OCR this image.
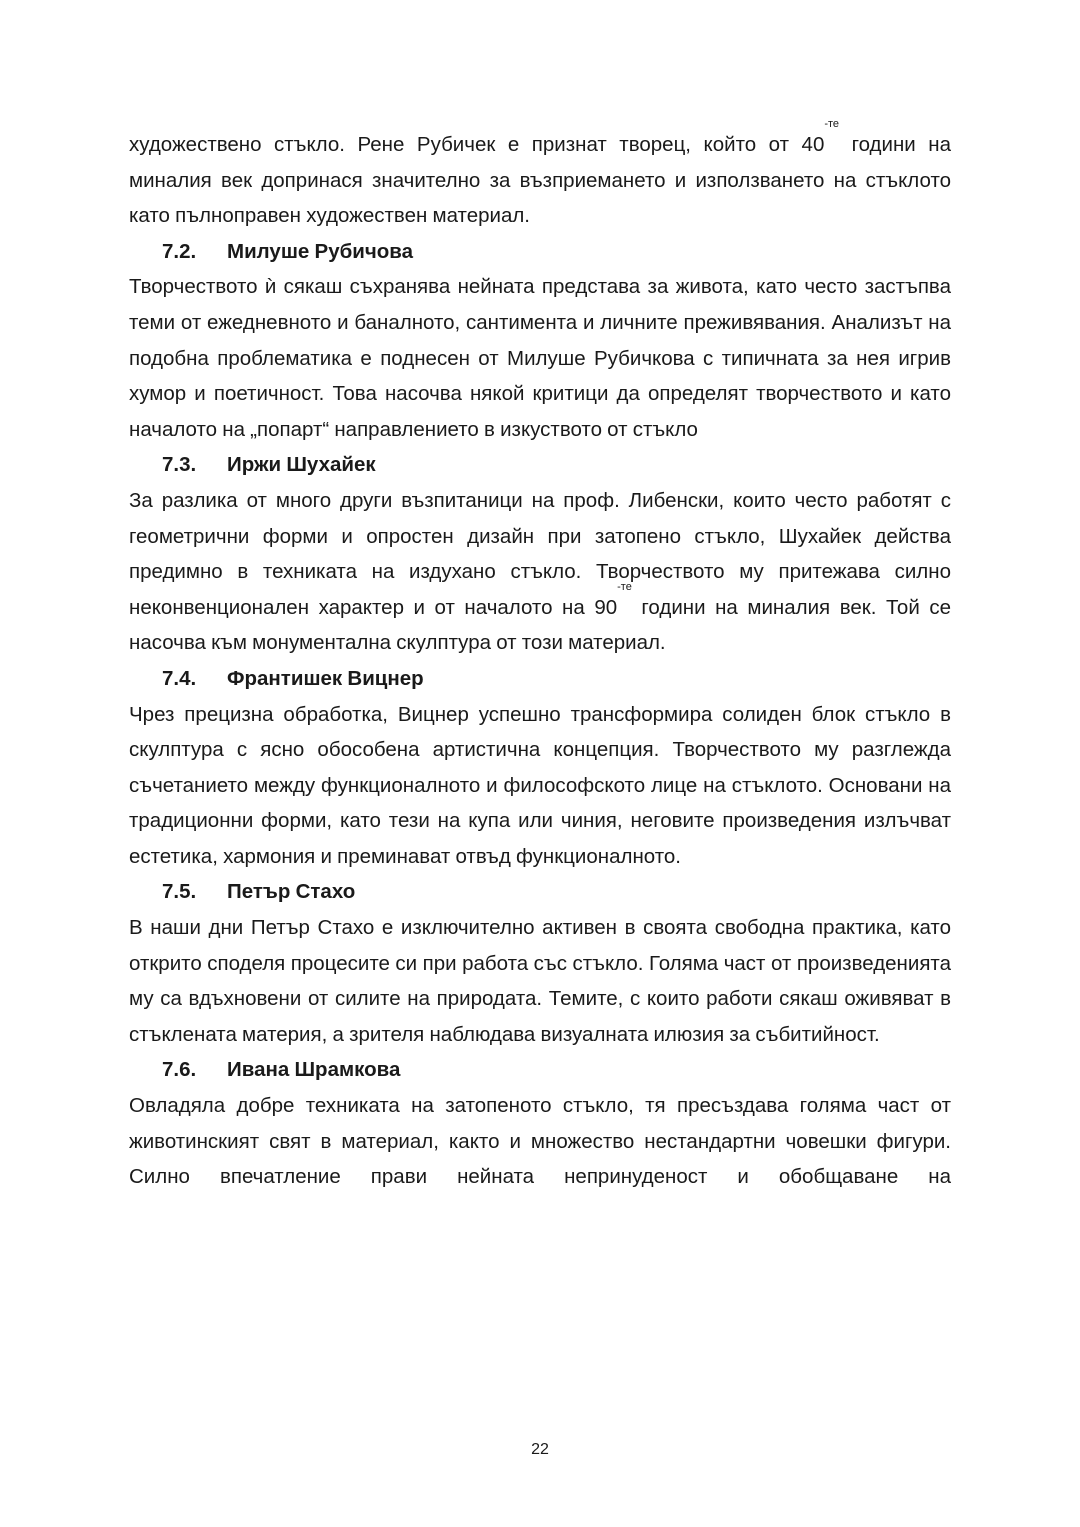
художествено стъкло. Рене Рубичек е признат творец, който от $40^{-те}$ години на миналия век допринася значително за възприемането и използването на стъклото като пълноправен художествен материал.

7.2.	Милуше Рубичова

Творчеството ѝ сякаш съхранява нейната представа за живота, като често застъпва теми от ежедневното и баналното, сантимента и личните преживявания. Анализът на подобна проблематика е поднесен от Милуше Рубичкова с типичната за нея игрив хумор и поетичност. Това насочва някой критици да определят творчеството и като началото на „попарт“ направлението в изкуството от стъкло

7.3.	Иржи Шухайек

За разлика от много други възпитаници на проф. Либенски, които често работят с геометрични форми и опростен дизайн при затопено стъкло, Шухайек действа предимно в техниката на издухано стъкло. Творчеството му притежава силно неконвенционален характер и от началото на $90^{-те}$ години на миналия век. Той се насочва към монументална скулптура от този материал.

7.4.	Франтишек Вицнер

Чрез прецизна обработка, Вицнер успешно трансформира солиден блок стъкло в скулптура с ясно обособена артистична концепция. Творчеството му разглежда съчетанието между функционалното и философското лице на стъклото. Основани на традиционни форми, като тези на купа или чиния, неговите произведения излъчват естетика, хармония и преминават отвъд функционалното.

7.5.	Петър Стахо

В наши дни Петър Стахо е изключително активен в своята свободна практика, като открито споделя процесите си при работа със стъкло. Голяма част от произведенията му са вдъхновени от силите на природата. Темите, с които работи сякаш оживяват в стъклената материя, а зрителя наблюдава визуалната илюзия за събитийност.

7.6.	Ивана Шрамкова

Овладяла добре техниката на затопеното стъкло, тя пресъздава голяма част от животинският свят в материал, както и множество нестандартни човешки фигури. Силно впечатление прави нейната непринуденост и обобщаване на

22
